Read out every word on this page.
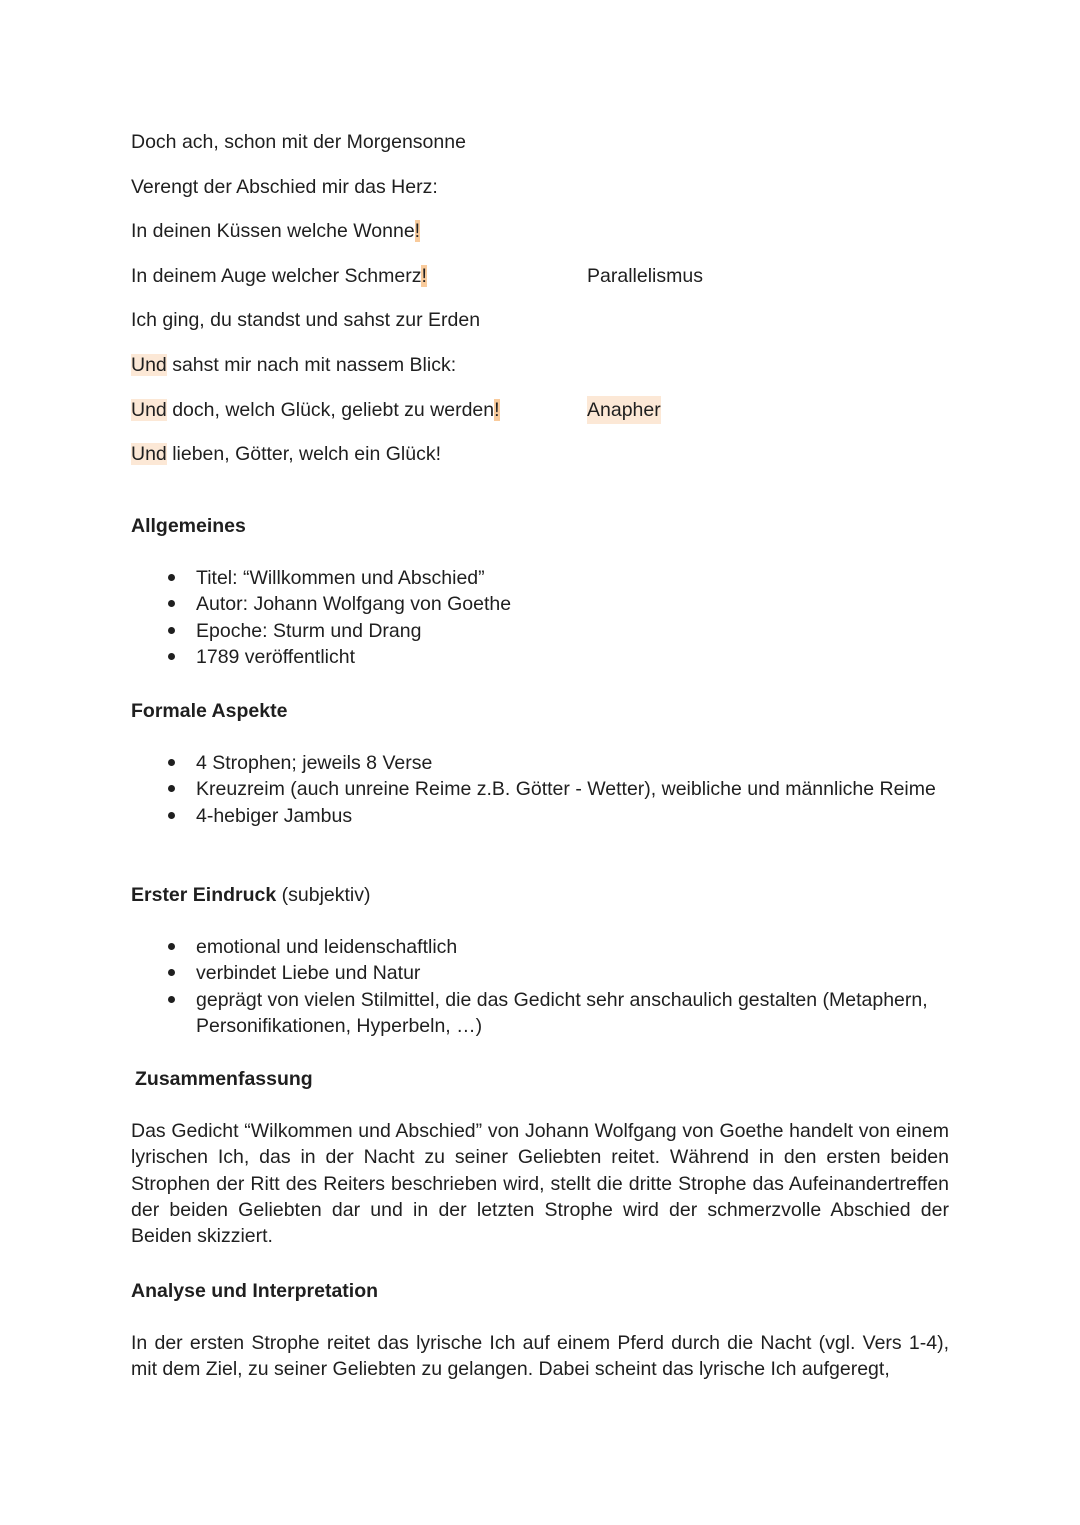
Doch ach, schon mit der Morgensonne
Verengt der Abschied mir das Herz:
In deinen Küssen welche Wonne!
In deinem Auge welcher Schmerz!	Parallelismus
Ich ging, du standst und sahst zur Erden
Und sahst mir nach mit nassem Blick:
Und doch, welch Glück, geliebt zu werden!	Anapher
Und lieben, Götter, welch ein Glück!
Allgemeines
Titel: “Willkommen und Abschied”
Autor: Johann Wolfgang von Goethe
Epoche: Sturm und Drang
1789 veröffentlicht
Formale Aspekte
4 Strophen; jeweils 8 Verse
Kreuzreim (auch unreine Reime z.B. Götter - Wetter), weibliche und männliche Reime
4-hebiger Jambus
Erster Eindruck (subjektiv)
emotional und leidenschaftlich
verbindet Liebe und Natur
geprägt von vielen Stilmittel, die das Gedicht sehr anschaulich gestalten (Metaphern, Personifikationen, Hyperbeln, …)
Zusammenfassung

Das Gedicht “Wilkommen und Abschied” von Johann Wolfgang von Goethe handelt von einem lyrischen Ich, das in der Nacht zu seiner Geliebten reitet. Während in den ersten beiden Strophen der Ritt des Reiters beschrieben wird, stellt die dritte Strophe das Aufeinandertreffen der beiden Geliebten dar und in der letzten Strophe wird der schmerzvolle Abschied der Beiden skizziert.

Analyse und Interpretation

In der ersten Strophe reitet das lyrische Ich auf einem Pferd durch die Nacht (vgl. Vers 1-4), mit dem Ziel, zu seiner Geliebten zu gelangen. Dabei scheint das lyrische Ich aufgeregt,
